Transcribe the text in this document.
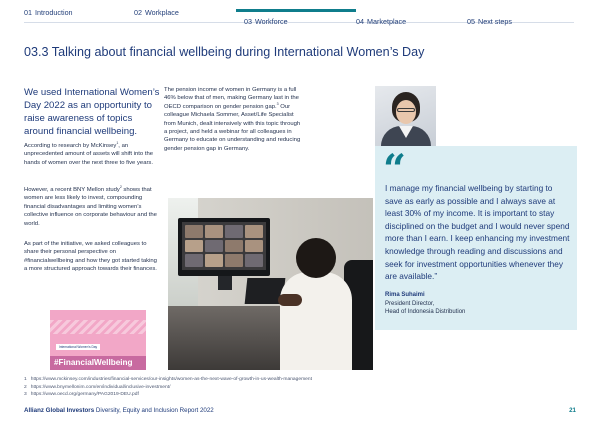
01 Introduction	02 Workplace
03 Workforce	04 Marketplace	05 Next steps
03.3 Talking about financial wellbeing during International Women’s Day

We used International Women’s Day 2022 as an opportunity to raise awareness of topics around financial wellbeing.

According to research by McKinsey$^1$, an unprecedented amount of assets will shift into the hands of women over the next three to five years.

However, a recent BNY Mellon study$^2$ shows that women are less likely to invest, compounding financial disadvantages and limiting women’s collective influence on corporate behaviour and the world.

As part of the initiative, we asked colleagues to share their personal perspective on #financialwellbeing and how they got started taking a more structured approach towards their finances.

The pension income of women in Germany is a full 46% below that of men, making Germany last in the OECD comparison on gender pension gap.$^3$ Our colleague Michaela Sommer, Asset/Life Specialist from Munich, dealt intensively with this topic through a project, and held a webinar for all colleagues in Germany to educate on understanding and reducing gender pension gap in Germany.

International Women’s Day
#FinancialWellbeing
“

I manage my financial wellbeing by starting to save as early as possible and I always save at least 30% of my income. It is important to stay disciplined on the budget and I would never spend more than I earn. I keep enhancing my investment knowledge through reading and discussions and seek for investment opportunities whenever they are available.”

Rima Suhaimi
President Director,
Head of Indonesia Distribution
1 https://www.mckinsey.com/industries/financial-services/our-insights/women-as-the-next-wave-of-growth-in-us-wealth-management
2 https://www.bnymellonim.com/en/individual/inclusive-investment/
3 https://www.oecd.org/germany/PAG2019-DEU.pdf
Allianz Global Investors Diversity, Equity and Inclusion Report 2022	21
